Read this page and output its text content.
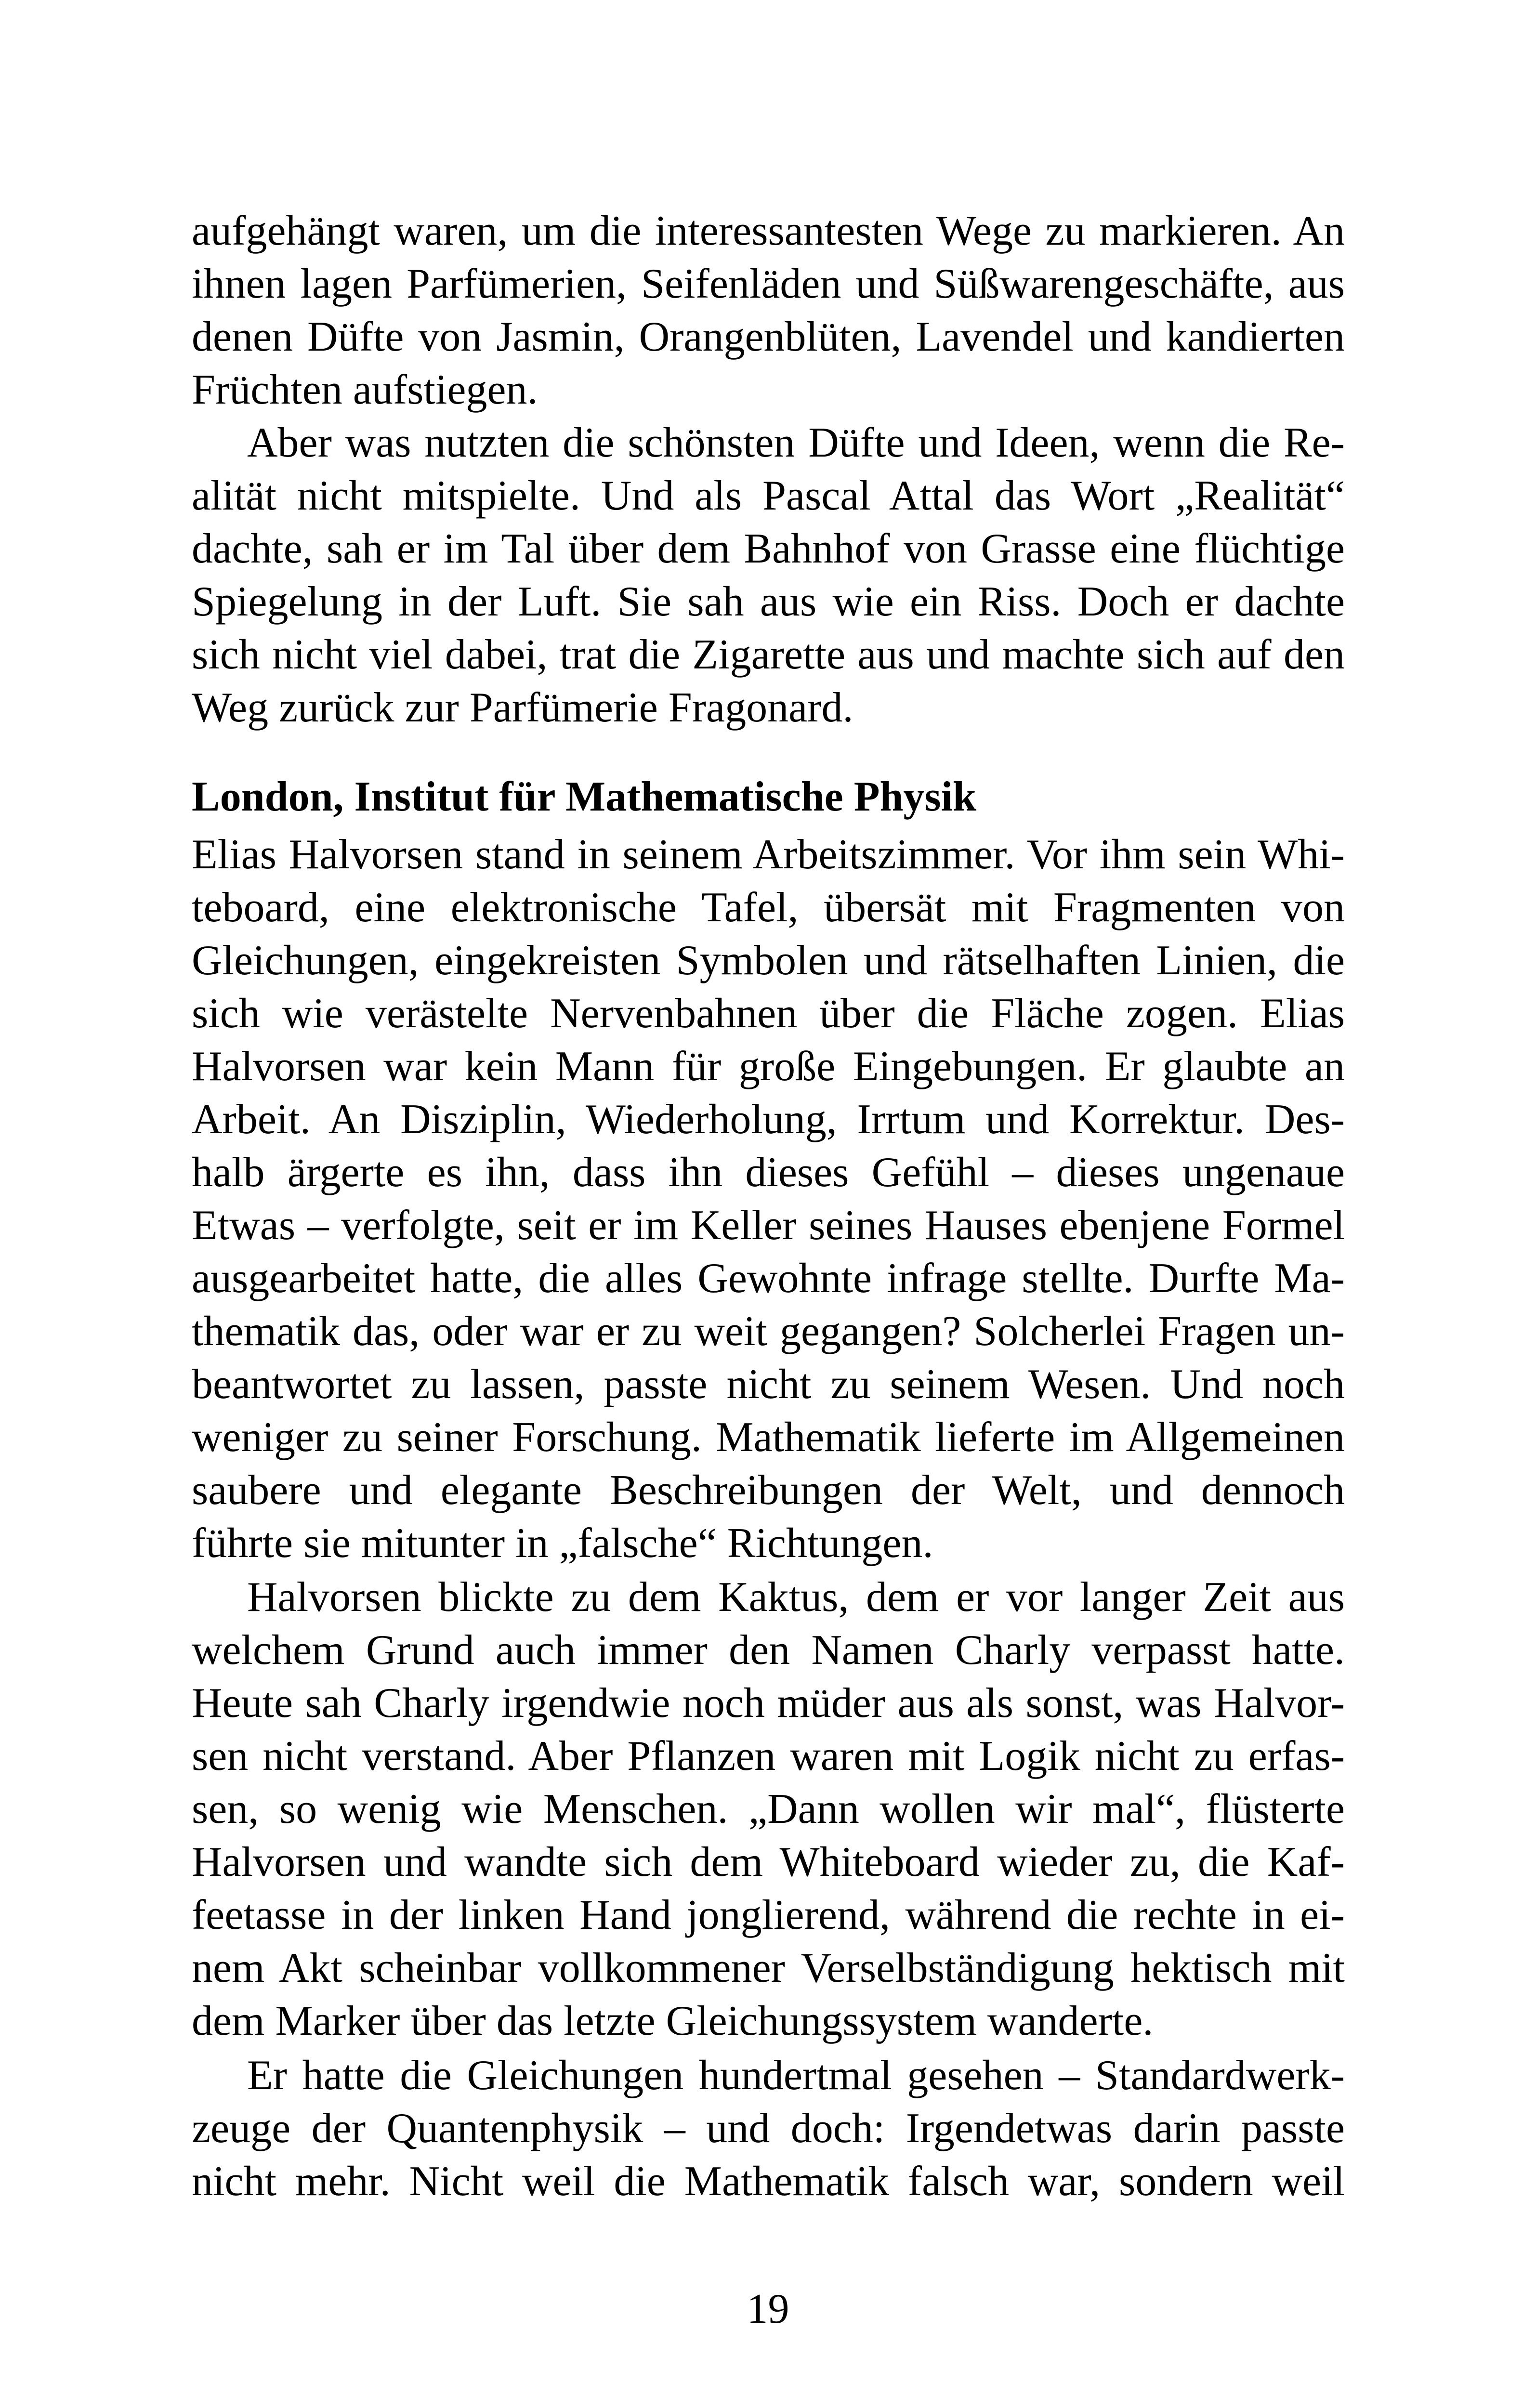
aufgehängt waren, um die interessantesten Wege zu markieren. An
ihnen lagen Parfümerien, Seifenläden und Süßwarengeschäfte, aus
denen Düfte von Jasmin, Orangenblüten, Lavendel und kandierten
Früchten aufstiegen.
Aber was nutzten die schönsten Düfte und Ideen, wenn die Re-
alität nicht mitspielte. Und als Pascal Attal das Wort „Realität“
dachte, sah er im Tal über dem Bahnhof von Grasse eine flüchtige
Spiegelung in der Luft. Sie sah aus wie ein Riss. Doch er dachte
sich nicht viel dabei, trat die Zigarette aus und machte sich auf den
Weg zurück zur Parfümerie Fragonard.
London, Institut für Mathematische Physik
Elias Halvorsen stand in seinem Arbeitszimmer. Vor ihm sein Whi-
teboard, eine elektronische Tafel, übersät mit Fragmenten von
Gleichungen, eingekreisten Symbolen und rätselhaften Linien, die
sich wie verästelte Nervenbahnen über die Fläche zogen. Elias
Halvorsen war kein Mann für große Eingebungen. Er glaubte an
Arbeit. An Disziplin, Wiederholung, Irrtum und Korrektur. Des-
halb ärgerte es ihn, dass ihn dieses Gefühl – dieses ungenaue
Etwas – verfolgte, seit er im Keller seines Hauses ebenjene Formel
ausgearbeitet hatte, die alles Gewohnte infrage stellte. Durfte Ma-
thematik das, oder war er zu weit gegangen? Solcherlei Fragen un-
beantwortet zu lassen, passte nicht zu seinem Wesen. Und noch
weniger zu seiner Forschung. Mathematik lieferte im Allgemeinen
saubere und elegante Beschreibungen der Welt, und dennoch
führte sie mitunter in „falsche“ Richtungen.
Halvorsen blickte zu dem Kaktus, dem er vor langer Zeit aus
welchem Grund auch immer den Namen Charly verpasst hatte.
Heute sah Charly irgendwie noch müder aus als sonst, was Halvor-
sen nicht verstand. Aber Pflanzen waren mit Logik nicht zu erfas-
sen, so wenig wie Menschen. „Dann wollen wir mal“, flüsterte
Halvorsen und wandte sich dem Whiteboard wieder zu, die Kaf-
feetasse in der linken Hand jonglierend, während die rechte in ei-
nem Akt scheinbar vollkommener Verselbständigung hektisch mit
dem Marker über das letzte Gleichungssystem wanderte.
Er hatte die Gleichungen hundertmal gesehen – Standardwerk-
zeuge der Quantenphysik – und doch: Irgendetwas darin passte
nicht mehr. Nicht weil die Mathematik falsch war, sondern weil
19
